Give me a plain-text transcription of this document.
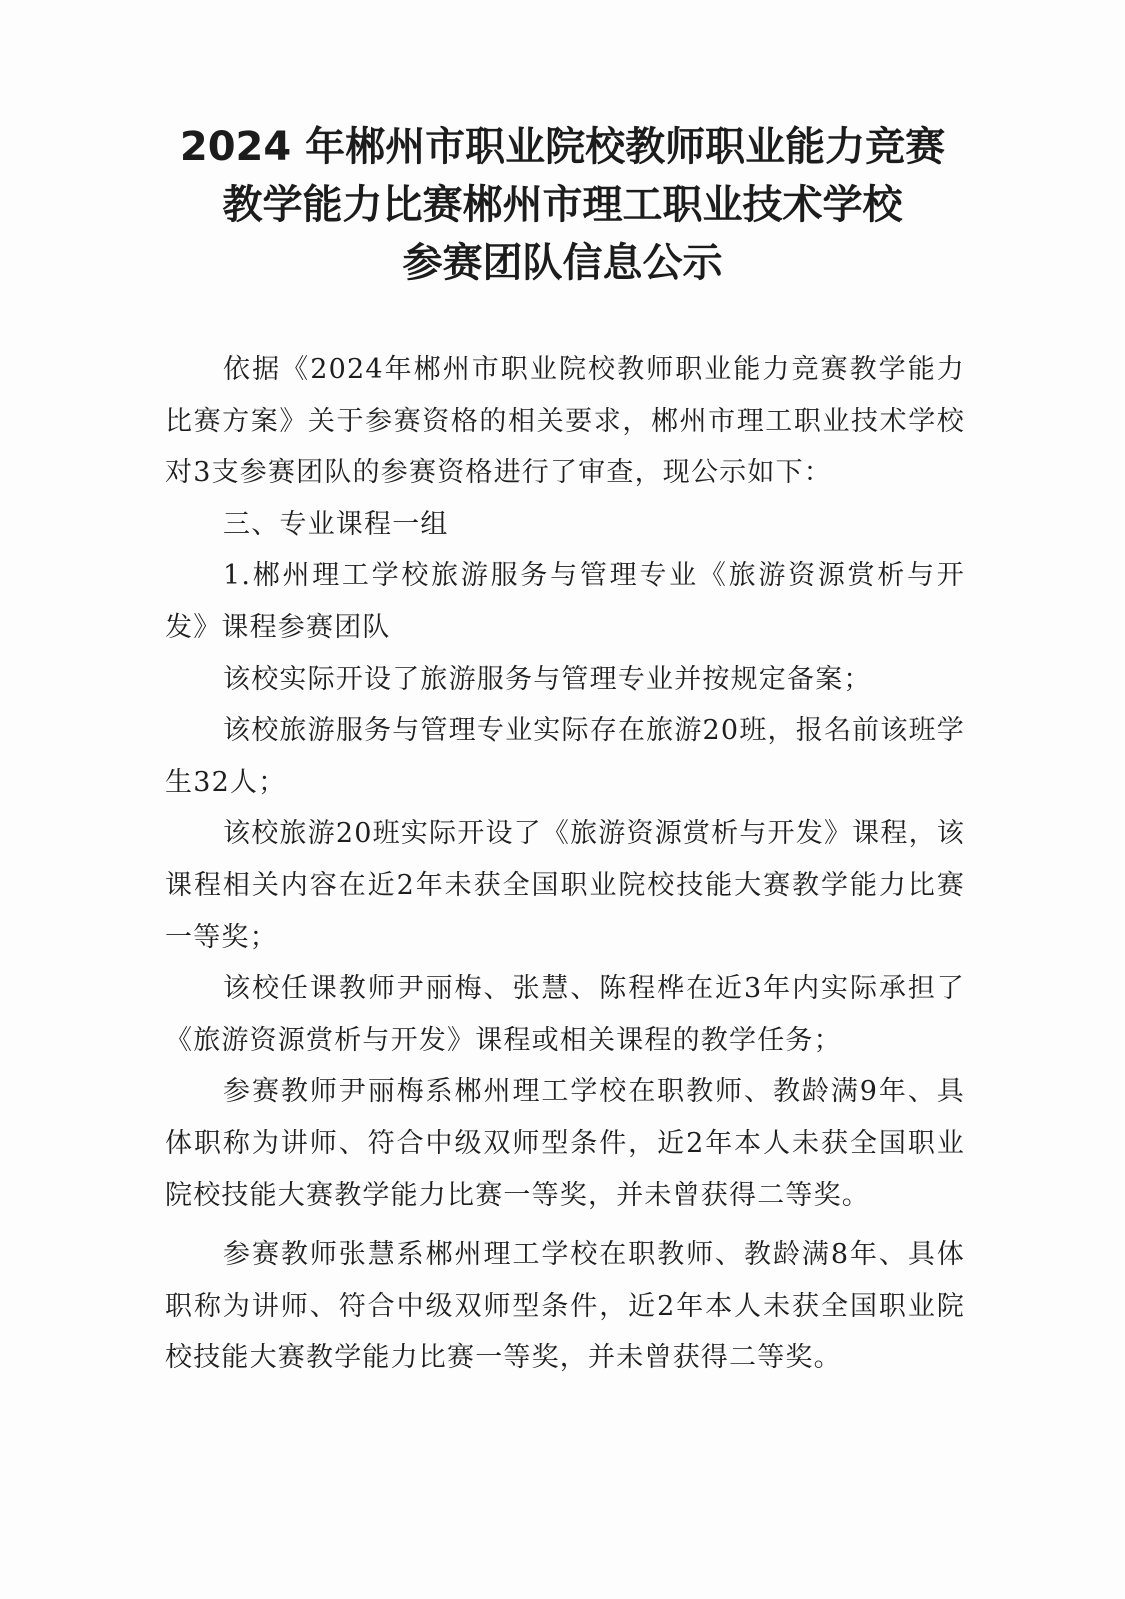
2024 年郴州市职业院校教师职业能力竞赛
教学能力比赛郴州市理工职业技术学校
参赛团队信息公示

依据《2024年郴州市职业院校教师职业能力竞赛教学能力比赛方案》关于参赛资格的相关要求，郴州市理工职业技术学校对3支参赛团队的参赛资格进行了审查，现公示如下：

三、专业课程一组

1.郴州理工学校旅游服务与管理专业《旅游资源赏析与开发》课程参赛团队

该校实际开设了旅游服务与管理专业并按规定备案；

该校旅游服务与管理专业实际存在旅游20班，报名前该班学生32人；

该校旅游20班实际开设了《旅游资源赏析与开发》课程，该课程相关内容在近2年未获全国职业院校技能大赛教学能力比赛一等奖；

该校任课教师尹丽梅、张慧、陈程桦在近3年内实际承担了《旅游资源赏析与开发》课程或相关课程的教学任务；

参赛教师尹丽梅系郴州理工学校在职教师、教龄满9年、具体职称为讲师、符合中级双师型条件，近2年本人未获全国职业院校技能大赛教学能力比赛一等奖，并未曾获得二等奖。

参赛教师张慧系郴州理工学校在职教师、教龄满8年、具体职称为讲师、符合中级双师型条件，近2年本人未获全国职业院校技能大赛教学能力比赛一等奖，并未曾获得二等奖。
